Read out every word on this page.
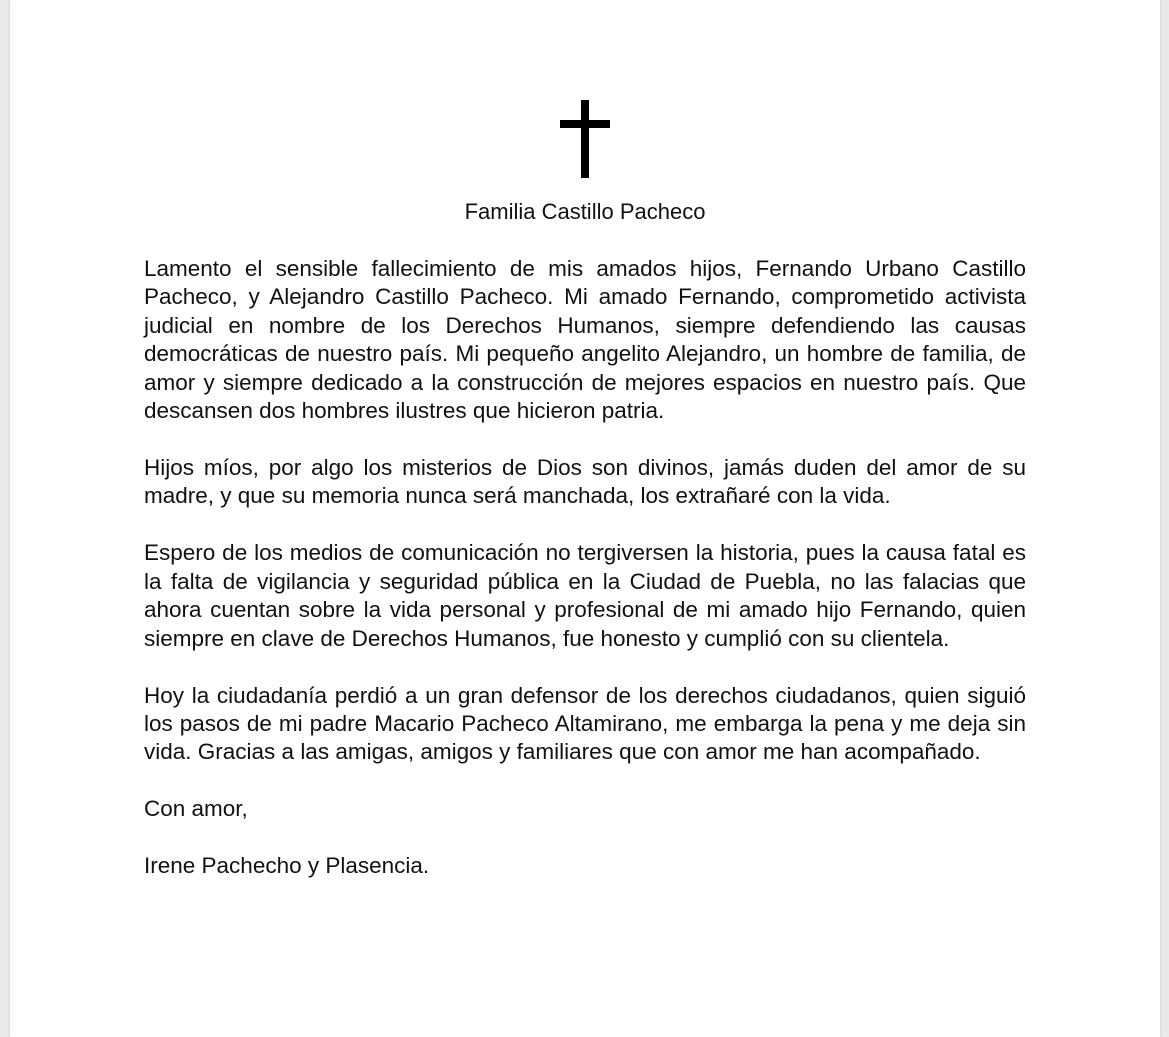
Familia Castillo Pacheco

Lamento el sensible fallecimiento de mis amados hijos, Fernando Urbano Castillo Pacheco, y Alejandro Castillo Pacheco. Mi amado Fernando, comprometido activista judicial en nombre de los Derechos Humanos, siempre defendiendo las causas democráticas de nuestro país. Mi pequeño angelito Alejandro, un hombre de familia, de amor y siempre dedicado a la construcción de mejores espacios en nuestro país. Que descansen dos hombres ilustres que hicieron patria.

Hijos míos, por algo los misterios de Dios son divinos, jamás duden del amor de su madre, y que su memoria nunca será manchada, los extrañaré con la vida.

Espero de los medios de comunicación no tergiversen la historia, pues la causa fatal es la falta de vigilancia y seguridad pública en la Ciudad de Puebla, no las falacias que ahora cuentan sobre la vida personal y profesional de mi amado hijo Fernando, quien siempre en clave de Derechos Humanos, fue honesto y cumplió con su clientela.

Hoy la ciudadanía perdió a un gran defensor de los derechos ciudadanos, quien siguió los pasos de mi padre Macario Pacheco Altamirano, me embarga la pena y me deja sin vida. Gracias a las amigas, amigos y familiares que con amor me han acompañado.

Con amor,

Irene Pachecho y Plasencia.
